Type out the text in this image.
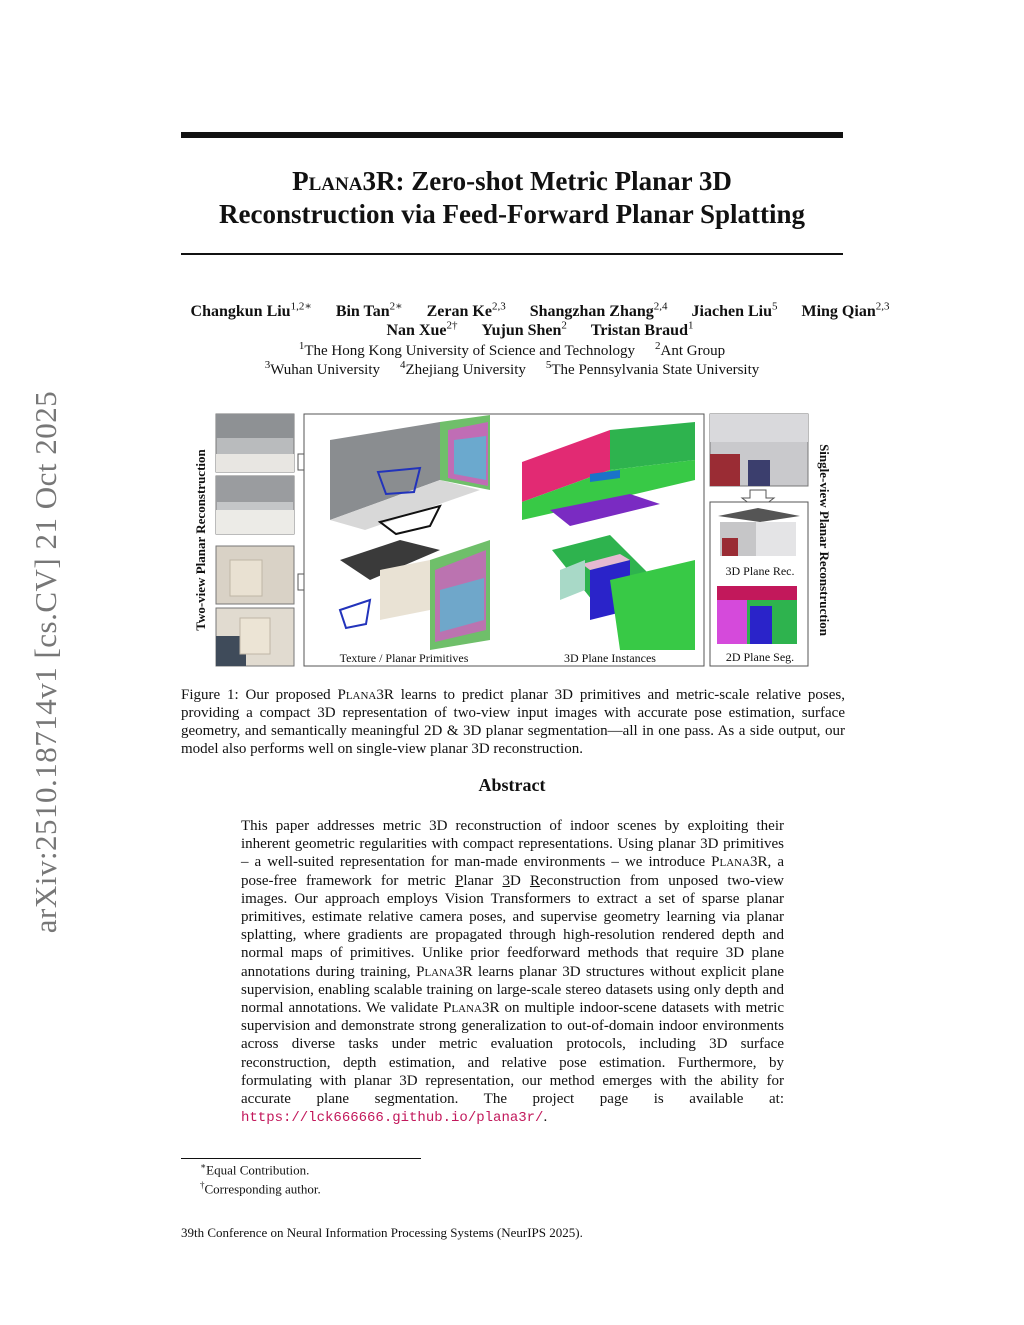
arXiv:2510.18714v1 [cs.CV] 21 Oct 2025
Plana3R: Zero-shot Metric Planar 3D
Reconstruction via Feed-Forward Planar Splatting
Changkun Liu$^{1,2∗}$ Bin Tan$^{2∗}$ Zeran Ke$^{2,3}$ Shangzhan Zhang$^{2,4}$ Jiachen Liu$^5$ Ming Qian$^{2,3}$
Nan Xue$^{2\dagger}$ Yujun Shen$^2$ Tristan Braud$^1$
$^1$The Hong Kong University of Science and Technology $^2$Ant Group
$^3$Wuhan University $^4$Zhejiang University $^5$The Pennsylvania State University
Two-view Planar Reconstruction
Texture / Planar Primitives	3D Plane Instances
3D Plane Rec.
2D Plane Seg.
Single-view Planar Reconstruction
Figure 1: Our proposed Plana3R learns to predict planar 3D primitives and metric-scale relative poses, providing a compact 3D representation of two-view input images with accurate pose estimation, surface geometry, and semantically meaningful 2D & 3D planar segmentation—all in one pass. As a side output, our model also performs well on single-view planar 3D reconstruction.
Abstract
This paper addresses metric 3D reconstruction of indoor scenes by exploiting their inherent geometric regularities with compact representations. Using planar 3D primitives – a well-suited representation for man-made environments – we introduce Plana3R, a pose-free framework for metric Planar 3D Reconstruction from unposed two-view images. Our approach employs Vision Transformers to extract a set of sparse planar primitives, estimate relative camera poses, and supervise geometry learning via planar splatting, where gradients are propagated through high-resolution rendered depth and normal maps of primitives. Unlike prior feedforward methods that require 3D plane annotations during training, Plana3R learns planar 3D structures without explicit plane supervision, enabling scalable training on large-scale stereo datasets using only depth and normal annotations. We validate Plana3R on multiple indoor-scene datasets with metric supervision and demonstrate strong generalization to out-of-domain indoor environments across diverse tasks under metric evaluation protocols, including 3D surface reconstruction, depth estimation, and relative pose estimation. Furthermore, by formulating with planar 3D representation, our method emerges with the ability for accurate plane segmentation. The project page is available at: https://lck666666.github.io/plana3r/.
∗Equal Contribution.
†Corresponding author.
39th Conference on Neural Information Processing Systems (NeurIPS 2025).
